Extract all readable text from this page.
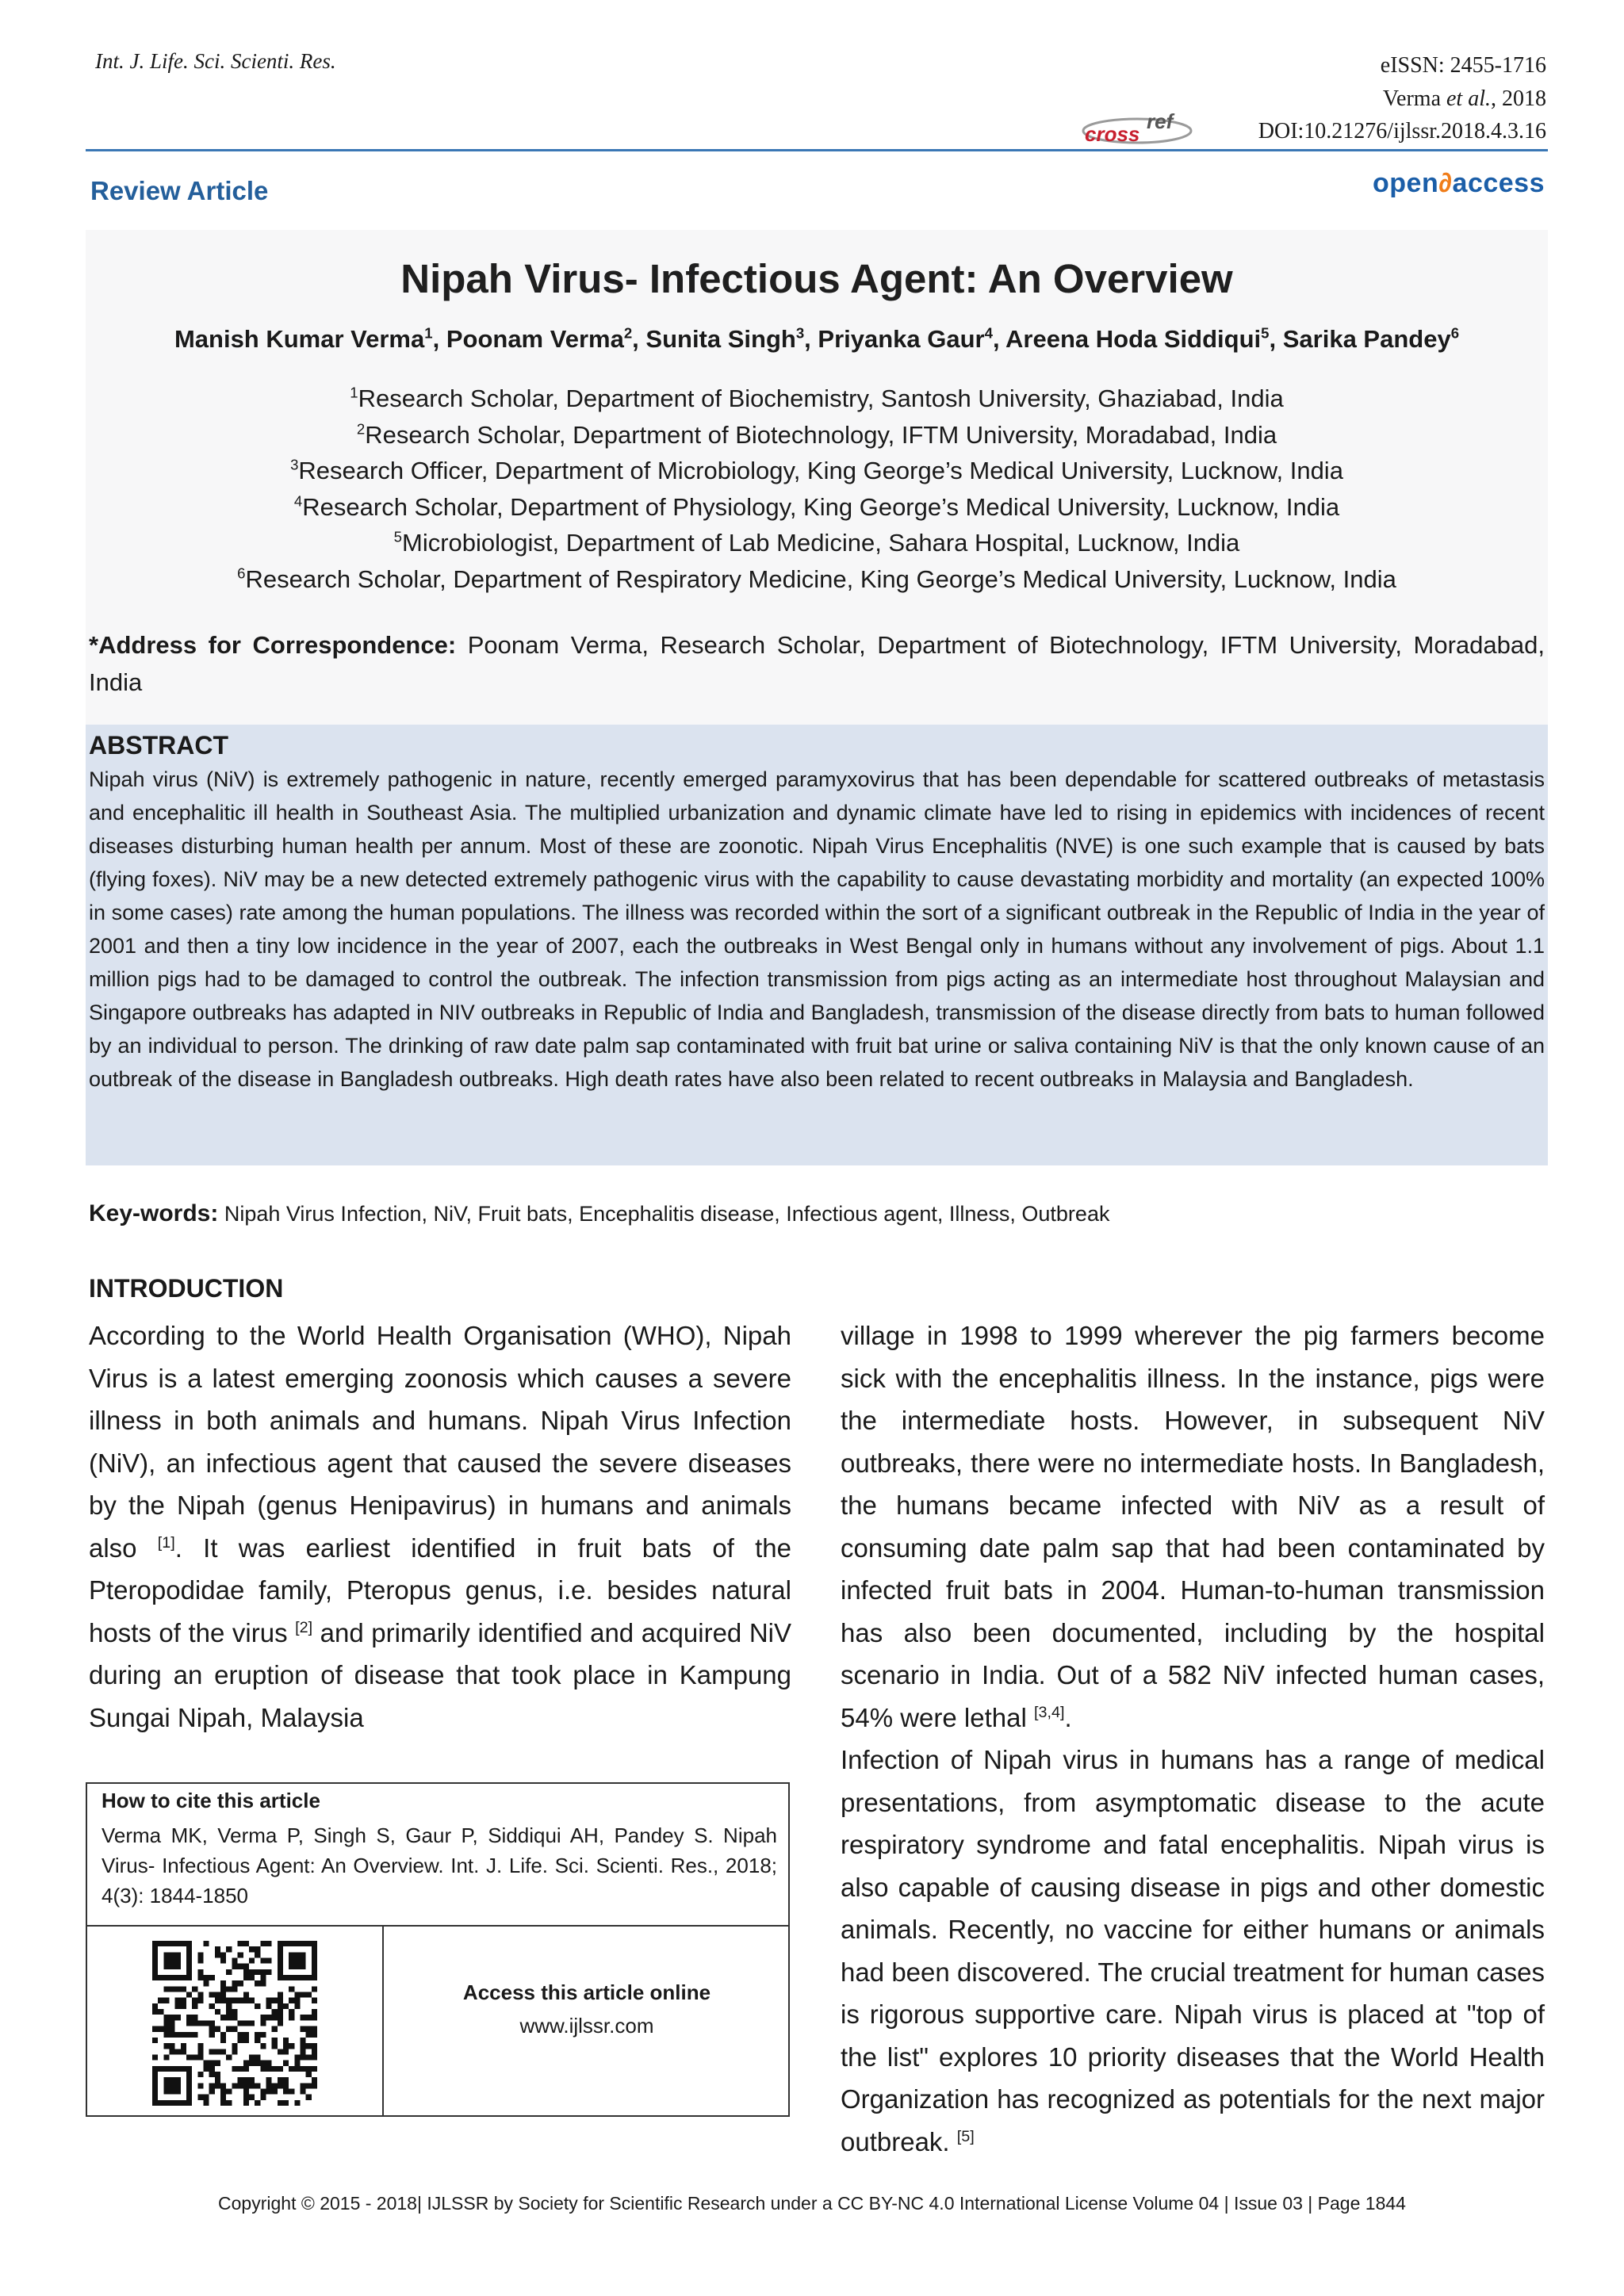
Int. J. Life. Sci. Scienti. Res.	eISSN: 2455-1716
Verma et al., 2018
cross
ref	DOI:10.21276/ijlssr.2018.4.3.16
Review Article	open∂access
Nipah Virus- Infectious Agent: An Overview
Manish Kumar Verma$^1$, Poonam Verma$^2$, Sunita Singh$^3$, Priyanka Gaur$^4$, Areena Hoda Siddiqui$^5$, Sarika Pandey$^6$
$^1$Research Scholar, Department of Biochemistry, Santosh University, Ghaziabad, India
$^2$Research Scholar, Department of Biotechnology, IFTM University, Moradabad, India
$^3$Research Officer, Department of Microbiology, King George’s Medical University, Lucknow, India
$^4$Research Scholar, Department of Physiology, King George’s Medical University, Lucknow, India
$^5$Microbiologist, Department of Lab Medicine, Sahara Hospital, Lucknow, India
$^6$Research Scholar, Department of Respiratory Medicine, King George’s Medical University, Lucknow, India
*Address for Correspondence: Poonam Verma, Research Scholar, Department of Biotechnology, IFTM University, Moradabad, India
ABSTRACT
Nipah virus (NiV) is extremely pathogenic in nature, recently emerged paramyxovirus that has been dependable for scattered outbreaks of metastasis and encephalitic ill health in Southeast Asia. The multiplied urbanization and dynamic climate have led to rising in epidemics with incidences of recent diseases disturbing human health per annum. Most of these are zoonotic. Nipah Virus Encephalitis (NVE) is one such example that is caused by bats (flying foxes). NiV may be a new detected extremely pathogenic virus with the capability to cause devastating morbidity and mortality (an expected 100% in some cases) rate among the human populations. The illness was recorded within the sort of a significant outbreak in the Republic of India in the year of 2001 and then a tiny low incidence in the year of 2007, each the outbreaks in West Bengal only in humans without any involvement of pigs. About 1.1 million pigs had to be damaged to control the outbreak. The infection transmission from pigs acting as an intermediate host throughout Malaysian and Singapore outbreaks has adapted in NIV outbreaks in Republic of India and Bangladesh, transmission of the disease directly from bats to human followed by an individual to person. The drinking of raw date palm sap contaminated with fruit bat urine or saliva containing NiV is that the only known cause of an outbreak of the disease in Bangladesh outbreaks. High death rates have also been related to recent outbreaks in Malaysia and Bangladesh.
Key-words: Nipah Virus Infection, NiV, Fruit bats, Encephalitis disease, Infectious agent, Illness, Outbreak
INTRODUCTION

According to the World Health Organisation (WHO), Nipah Virus is a latest emerging zoonosis which causes a severe illness in both animals and humans. Nipah Virus Infection (NiV), an infectious agent that caused the severe diseases by the Nipah (genus Henipavirus) in humans and animals also [1]. It was earliest identified in fruit bats of the Pteropodidae family, Pteropus genus, i.e. besides natural hosts of the virus [2] and primarily identified and acquired NiV during an eruption of disease that took place in Kampung Sungai Nipah, Malaysia

village in 1998 to 1999 wherever the pig farmers become sick with the encephalitis illness. In the instance, pigs were the intermediate hosts. However, in subsequent NiV outbreaks, there were no intermediate hosts. In Bangladesh, the humans became infected with NiV as a result of consuming date palm sap that had been contaminated by infected fruit bats in 2004. Human-to-human transmission has also been documented, including by the hospital scenario in India. Out of a 582 NiV infected human cases, 54% were lethal [3,4].

Infection of Nipah virus in humans has a range of medical presentations, from asymptomatic disease to the acute respiratory syndrome and fatal encephalitis. Nipah virus is also capable of causing disease in pigs and other domestic animals. Recently, no vaccine for either humans or animals had been discovered. The crucial treatment for human cases is rigorous supportive care. Nipah virus is placed at "top of the list" explores 10 priority diseases that the World Health Organization has recognized as potentials for the next major outbreak. [5]

How to cite this article
Verma MK, Verma P, Singh S, Gaur P, Siddiqui AH, Pandey S. Nipah Virus- Infectious Agent: An Overview. Int. J. Life. Sci. Scienti. Res., 2018; 4(3): 1844-1850
Access this article online
www.ijlssr.com
Copyright © 2015 - 2018| IJLSSR by Society for Scientific Research under a CC BY-NC 4.0 International License Volume 04 | Issue 03 | Page 1844
